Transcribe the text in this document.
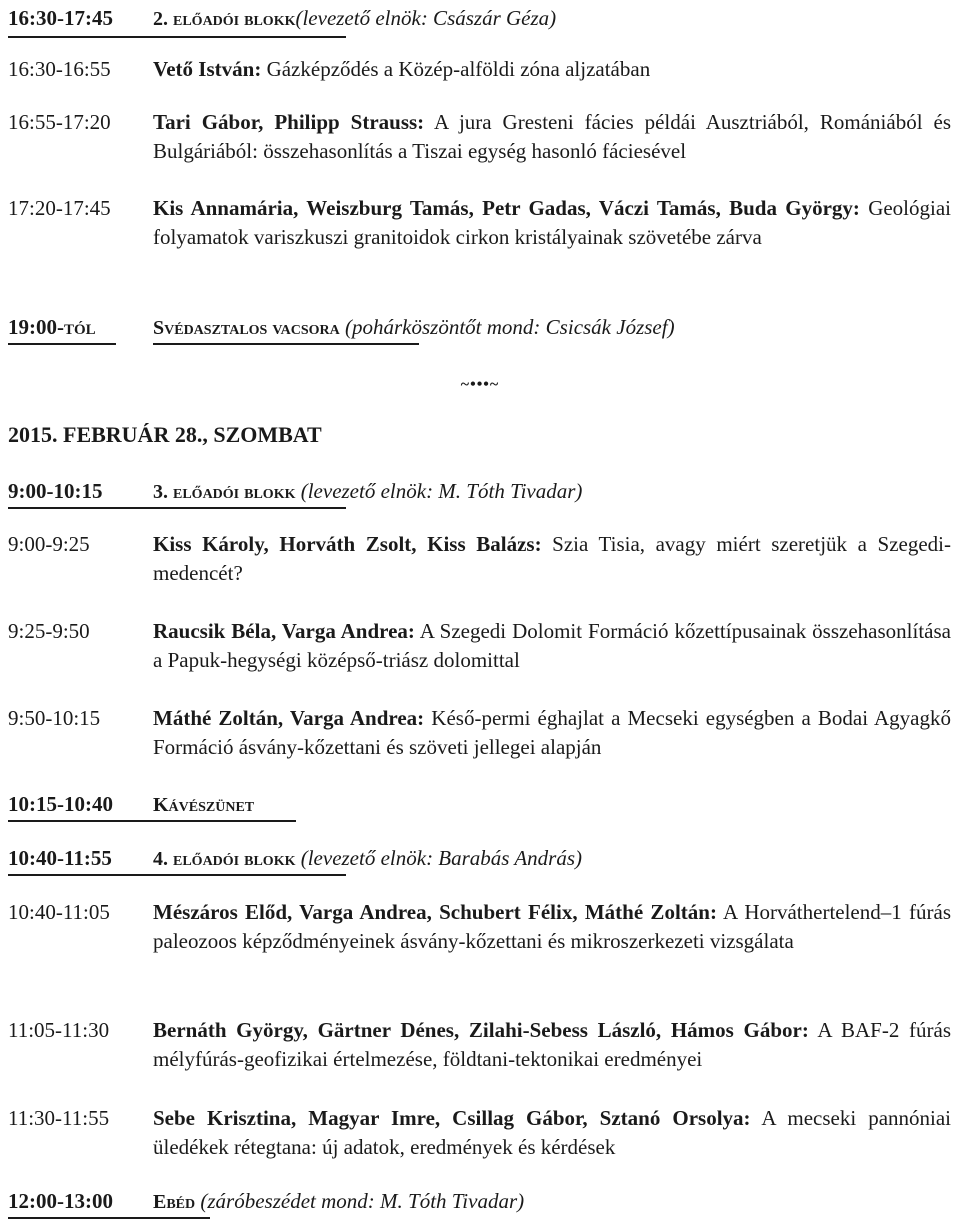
16:30-17:45 2. előadói blokk(levezető elnök: Császár Géza)
16:30-16:55 Vető István: Gázképződés a Közép-alföldi zóna aljzatában
16:55-17:20 Tari Gábor, Philipp Strauss: A jura Gresteni fácies példái Ausztriából, Romániából és Bulgáriából: összehasonlítás a Tiszai egység hasonló fáciesével
17:20-17:45 Kis Annamária, Weiszburg Tamás, Petr Gadas, Váczi Tamás, Buda György: Geológiai folyamatok variszkuszi granitoidok cirkon kristályainak szövetébe zárva
19:00-tól	Svédasztalos vacsora (pohárköszöntőt mond: Csicsák József)
~•••~
2015. FEBRUÁR 28., SZOMBAT
9:00-10:15	3. előadói blokk (levezető elnök: M. Tóth Tivadar)
9:00-9:25	Kiss Károly, Horváth Zsolt, Kiss Balázs: Szia Tisia, avagy miért szeretjük a Szegedi-medencét?
9:25-9:50	Raucsik Béla, Varga Andrea: A Szegedi Dolomit Formáció kőzettípusainak összehasonlítása a Papuk-hegységi középső-triász dolomittal
9:50-10:15	Máthé Zoltán, Varga Andrea: Késő-permi éghajlat a Mecseki egységben a Bodai Agyagkő Formáció ásvány-kőzettani és szöveti jellegei alapján
10:15-10:40 Kávészünet
10:40-11:55 4. előadói blokk (levezető elnök: Barabás András)
10:40-11:05 Mészáros Előd, Varga Andrea, Schubert Félix, Máthé Zoltán: A Horváthertelend–1 fúrás paleozoos képződményeinek ásvány-kőzettani és mikroszerkezeti vizsgálata
11:05-11:30 Bernáth György, Gärtner Dénes, Zilahi-Sebess László, Hámos Gábor: A BAF-2 fúrás mélyfúrás-geofizikai értelmezése, földtani-tektonikai eredményei
11:30-11:55 Sebe Krisztina, Magyar Imre, Csillag Gábor, Sztanó Orsolya: A mecseki pannóniai üledékek rétegtana: új adatok, eredmények és kérdések
12:00-13:00 Ebéd (záróbeszédet mond: M. Tóth Tivadar)
